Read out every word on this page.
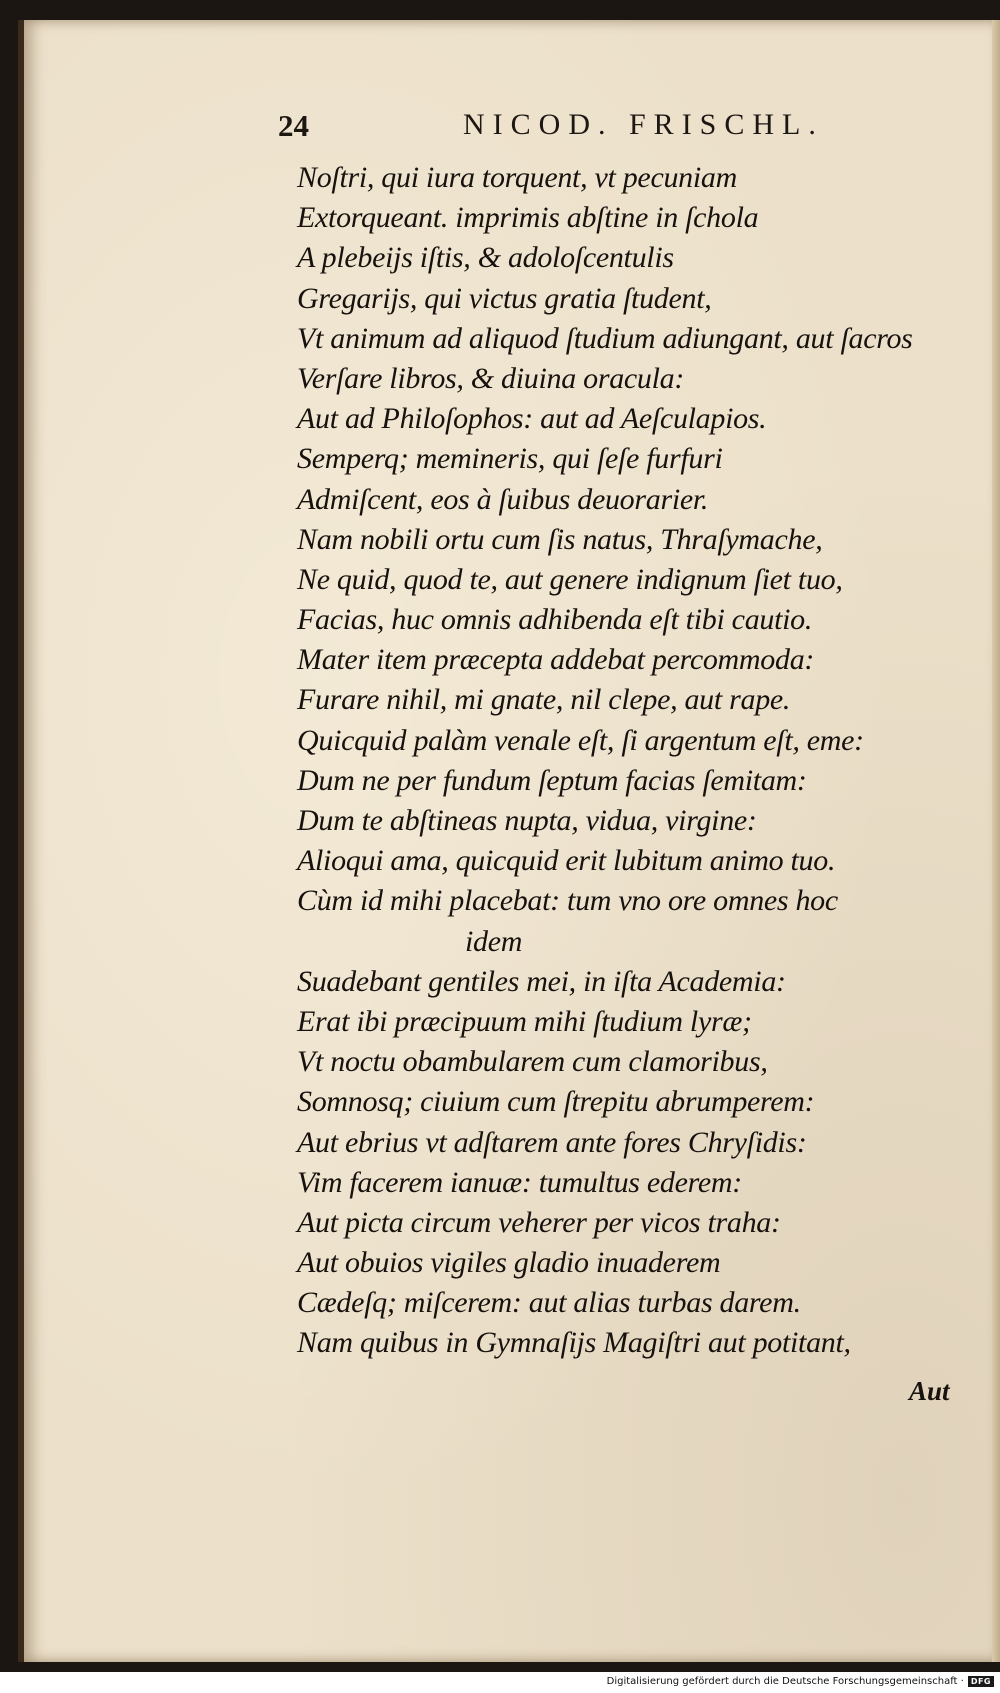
24	NICOD. FRISCHL.
Noſtri, qui iura torquent, vt pecuniam
Extorqueant. imprimis abſtine in ſchola
A plebeijs iſtis, & adoloſcentulis
Gregarijs, qui victus gratia ſtudent,
Vt animum ad aliquod ſtudium adiungant, aut ſacros
Verſare libros, & diuina oracula:
Aut ad Philoſophos: aut ad Aeſculapios.
Semperq; memineris, qui ſeſe furfuri
Admiſcent, eos à ſuibus deuorarier.
Nam nobili ortu cum ſis natus, Thraſymache,
Ne quid, quod te, aut genere indignum ſiet tuo,
Facias, huc omnis adhibenda eſt tibi cautio.
Mater item præcepta addebat percommoda:
Furare nihil, mi gnate, nil clepe, aut rape.
Quicquid palàm venale eſt, ſi argentum eſt, eme:
Dum ne per fundum ſeptum facias ſemitam:
Dum te abſtineas nupta, vidua, virgine:
Alioqui ama, quicquid erit lubitum animo tuo.
Cùm id mihi placebat: tum vno ore omnes hoc
idem
Suadebant gentiles mei, in iſta Academia:
Erat ibi præcipuum mihi ſtudium lyræ;
Vt noctu obambularem cum clamoribus,
Somnosq; ciuium cum ſtrepitu abrumperem:
Aut ebrius vt adſtarem ante fores Chryſidis:
Vim facerem ianuæ: tumultus ederem:
Aut picta circum veherer per vicos traha:
Aut obuios vigiles gladio inuaderem
Cædeſq; miſcerem: aut alias turbas darem.
Nam quibus in Gymnaſijs Magiſtri aut potitant,
Aut
Digitalisierung gefördert durch die Deutsche Forschungsgemeinschaft · DFG
